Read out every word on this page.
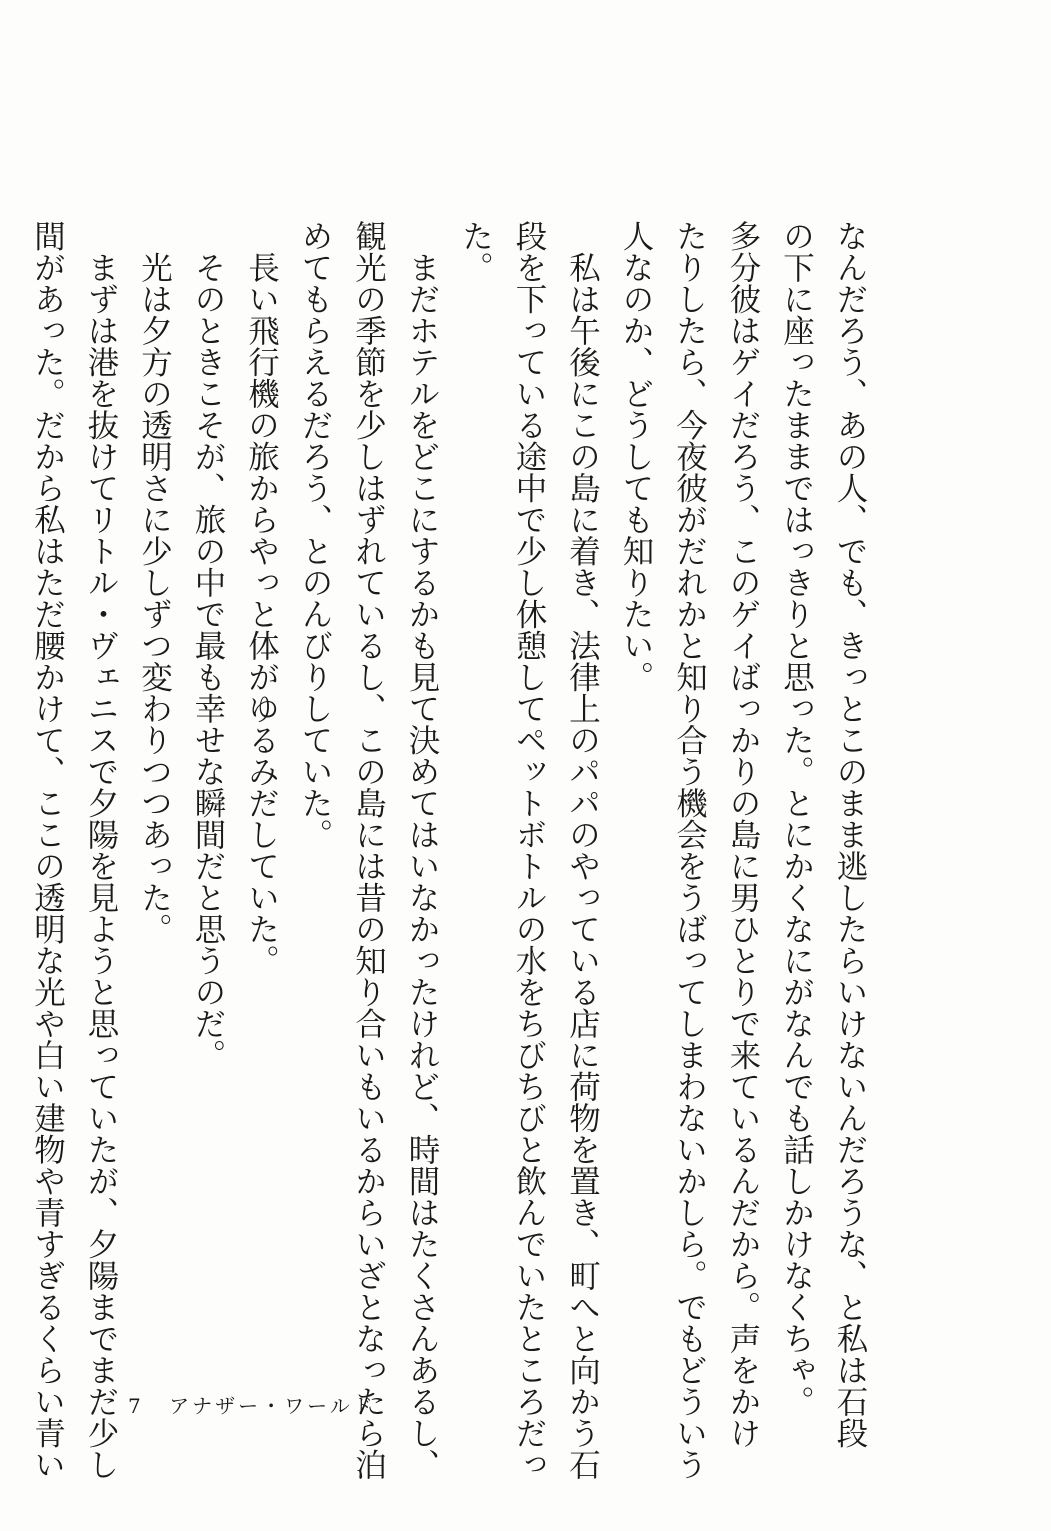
なんだろう、あの人、でも、きっとこのまま逃したらいけないんだろうな、と私は石段
の下に座ったままではっきりと思った。とにかくなにがなんでも話しかけなくちゃ。
多分彼はゲイだろう、このゲイばっかりの島に男ひとりで来ているんだから。声をかけ
たりしたら、今夜彼がだれかと知り合う機会をうばってしまわないかしら。でもどういう
人なのか、どうしても知りたい。
　私は午後にこの島に着き、法律上のパパのやっている店に荷物を置き、町へと向かう石
段を下っている途中で少し休憩してペットボトルの水をちびちびと飲んでいたところだっ
た。
　まだホテルをどこにするかも見て決めてはいなかったけれど、時間はたくさんあるし、
観光の季節を少しはずれているし、この島には昔の知り合いもいるからいざとなったら泊
めてもらえるだろう、とのんびりしていた。
　長い飛行機の旅からやっと体がゆるみだしていた。
　そのときこそが、旅の中で最も幸せな瞬間だと思うのだ。
　光は夕方の透明さに少しずつ変わりつつあった。
　まずは港を抜けてリトル・ヴェニスで夕陽を見ようと思っていたが、夕陽までまだ少し
間があった。だから私はただ腰かけて、ここの透明な光や白い建物や青すぎるくらい青い	7 アナザー・ワールド
